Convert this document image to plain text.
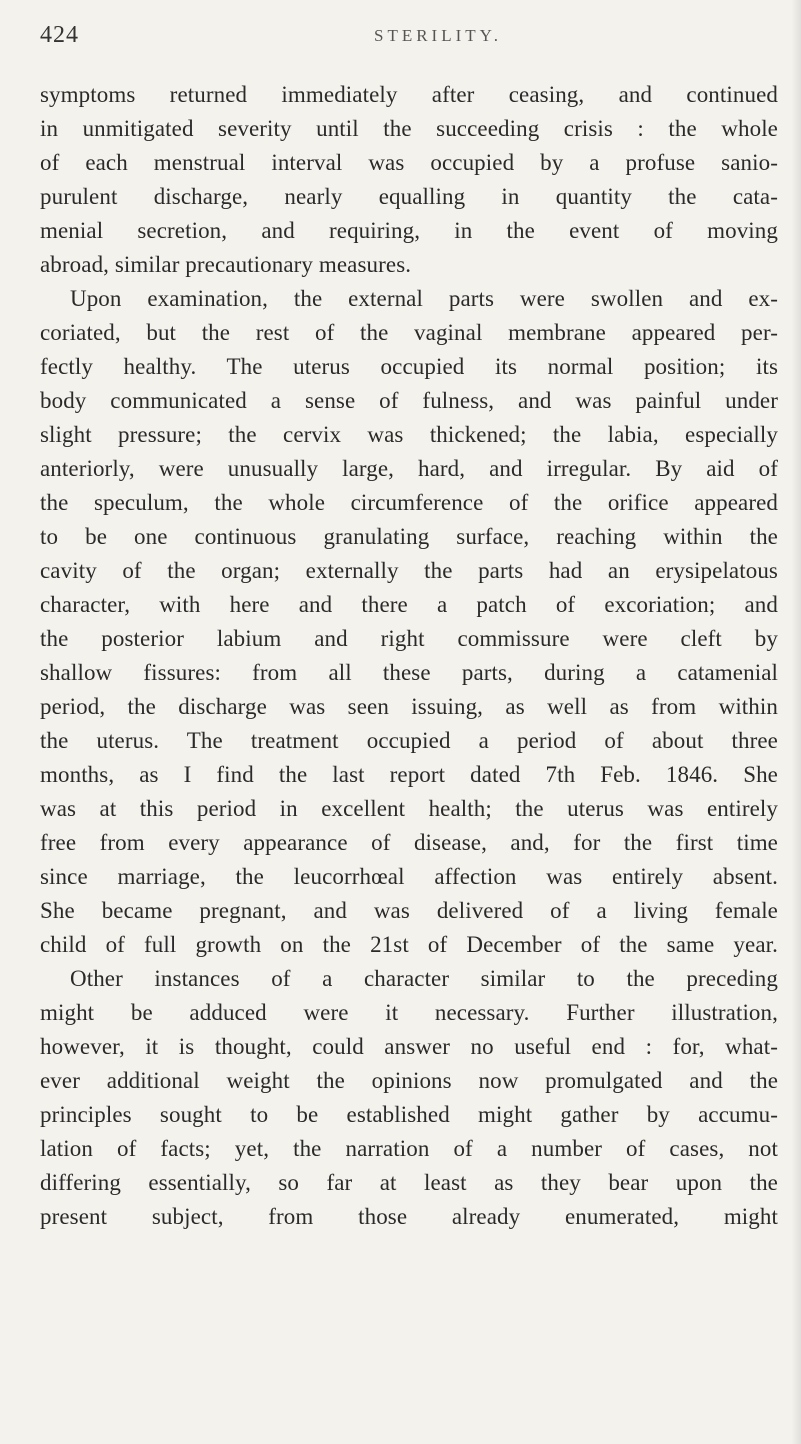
424	STERILITY.
symptoms returned immediately after ceasing, and continued
in unmitigated severity until the succeeding crisis : the whole
of each menstrual interval was occupied by a profuse sanio-
purulent discharge, nearly equalling in quantity the cata-
menial secretion, and requiring, in the event of moving
abroad, similar precautionary measures.
Upon examination, the external parts were swollen and ex-
coriated, but the rest of the vaginal membrane appeared per-
fectly healthy. The uterus occupied its normal position; its
body communicated a sense of fulness, and was painful under
slight pressure; the cervix was thickened; the labia, especially
anteriorly, were unusually large, hard, and irregular. By aid of
the speculum, the whole circumference of the orifice appeared
to be one continuous granulating surface, reaching within the
cavity of the organ; externally the parts had an erysipelatous
character, with here and there a patch of excoriation; and
the posterior labium and right commissure were cleft by
shallow fissures: from all these parts, during a catamenial
period, the discharge was seen issuing, as well as from within
the uterus. The treatment occupied a period of about three
months, as I find the last report dated 7th Feb. 1846. She
was at this period in excellent health; the uterus was entirely
free from every appearance of disease, and, for the first time
since marriage, the leucorrhœal affection was entirely absent.
She became pregnant, and was delivered of a living female
child of full growth on the 21st of December of the same year.
Other instances of a character similar to the preceding
might be adduced were it necessary. Further illustration,
however, it is thought, could answer no useful end : for, what-
ever additional weight the opinions now promulgated and the
principles sought to be established might gather by accumu-
lation of facts; yet, the narration of a number of cases, not
differing essentially, so far at least as they bear upon the
present subject, from those already enumerated, might
